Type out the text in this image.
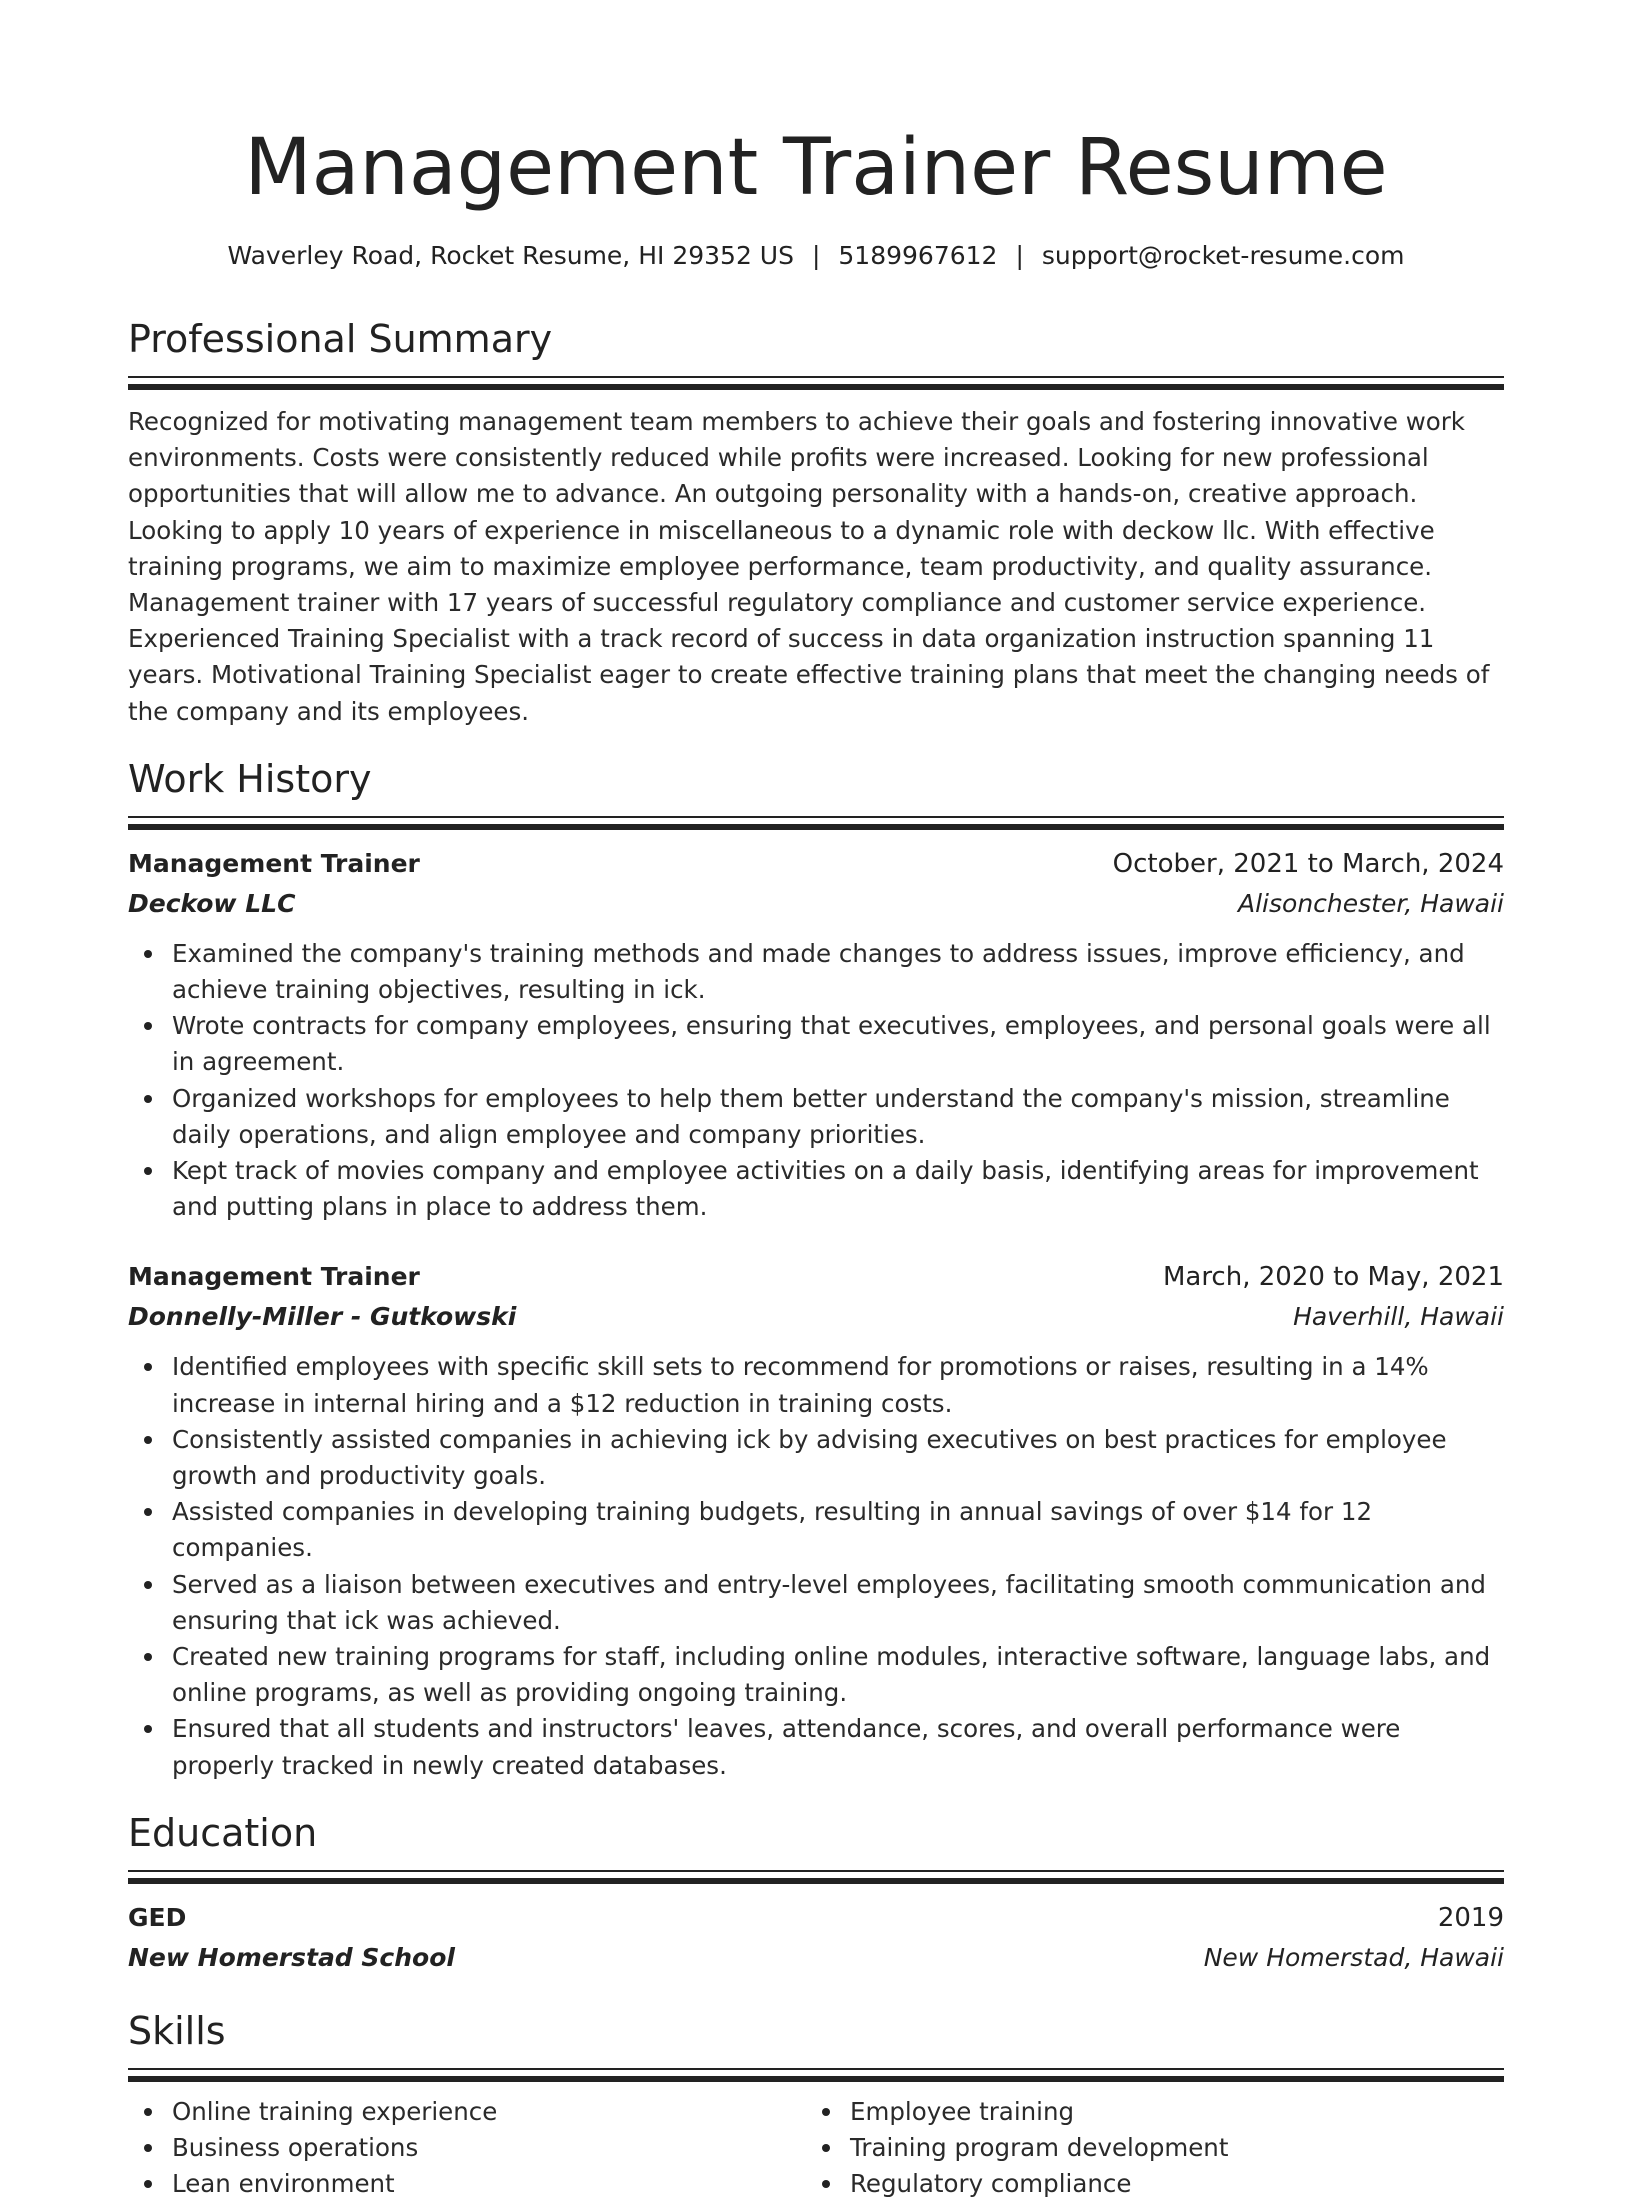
Management Trainer Resume
Waverley Road, Rocket Resume, HI 29352 US | 5189967612 | support@rocket-resume.com
Professional Summary

Recognized for motivating management team members to achieve their goals and fostering innovative work environments. Costs were consistently reduced while profits were increased. Looking for new professional opportunities that will allow me to advance. An outgoing personality with a hands-on, creative approach. Looking to apply 10 years of experience in miscellaneous to a dynamic role with deckow llc. With effective training programs, we aim to maximize employee performance, team productivity, and quality assurance. Management trainer with 17 years of successful regulatory compliance and customer service experience. Experienced Training Specialist with a track record of success in data organization instruction spanning 11 years. Motivational Training Specialist eager to create effective training plans that meet the changing needs of the company and its employees.

Work History
Management Trainer	October, 2021 to March, 2024
Deckow LLC	Alisonchester, Hawaii
Examined the company's training methods and made changes to address issues, improve efficiency, and achieve training objectives, resulting in ick.
Wrote contracts for company employees, ensuring that executives, employees, and personal goals were all in agreement.
Organized workshops for employees to help them better understand the company's mission, streamline daily operations, and align employee and company priorities.
Kept track of movies company and employee activities on a daily basis, identifying areas for improvement and putting plans in place to address them.
Management Trainer	March, 2020 to May, 2021
Donnelly-Miller - Gutkowski	Haverhill, Hawaii
Identified employees with specific skill sets to recommend for promotions or raises, resulting in a 14% increase in internal hiring and a $12 reduction in training costs.
Consistently assisted companies in achieving ick by advising executives on best practices for employee growth and productivity goals.
Assisted companies in developing training budgets, resulting in annual savings of over $14 for 12 companies.
Served as a liaison between executives and entry-level employees, facilitating smooth communication and ensuring that ick was achieved.
Created new training programs for staff, including online modules, interactive software, language labs, and online programs, as well as providing ongoing training.
Ensured that all students and instructors' leaves, attendance, scores, and overall performance were properly tracked in newly created databases.
Education
GED	2019
New Homerstad School	New Homerstad, Hawaii
Skills
Online training experience
Business operations
Lean environment
Employee training
Training program development
Regulatory compliance
